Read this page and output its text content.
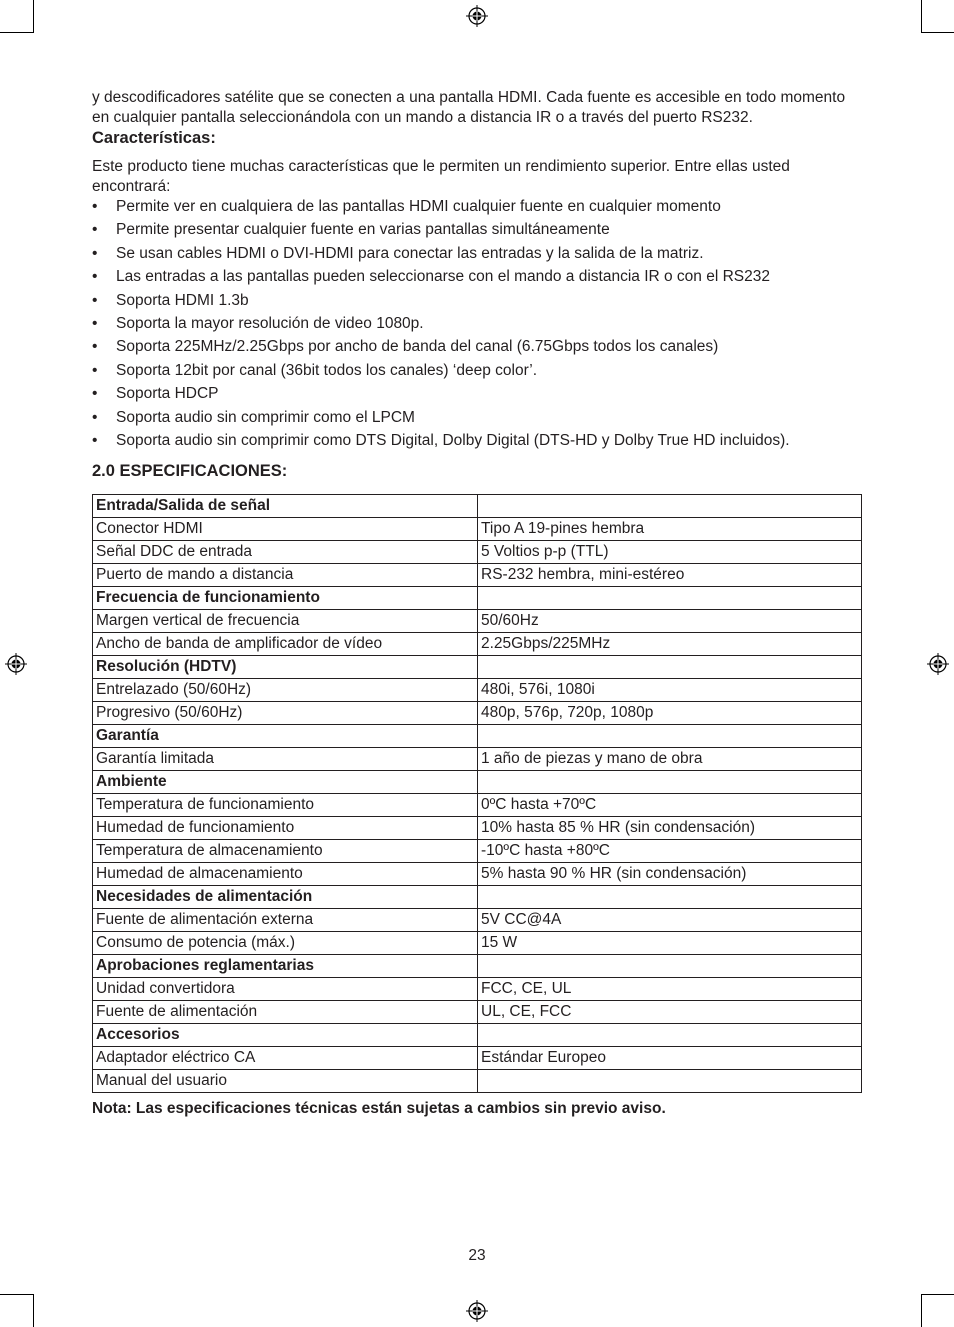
y descodificadores satélite que se conecten a una pantalla HDMI. Cada fuente es accesible en todo momento en cualquier pantalla seleccionándola con un mando a distancia IR o a través del puerto RS232.

Características:

Este producto tiene muchas características que le permiten un rendimiento superior. Entre ellas usted encontrará:

• Permite ver en cualquiera de las pantallas HDMI cualquier fuente en cualquier momento
• Permite presentar cualquier fuente en varias pantallas simultáneamente
• Se usan cables HDMI o DVI-HDMI para conectar las entradas y la salida de la matriz.
• Las entradas a las pantallas pueden seleccionarse con el mando a distancia IR o con el RS232
• Soporta HDMI 1.3b
• Soporta la mayor resolución de video 1080p.
• Soporta 225MHz/2.25Gbps por ancho de banda del canal (6.75Gbps todos los canales)
• Soporta 12bit por canal (36bit todos los canales) ‘deep color’.
• Soporta HDCP
• Soporta audio sin comprimir como el LPCM
• Soporta audio sin comprimir como DTS Digital, Dolby Digital (DTS-HD y Dolby True HD incluidos).
2.0 ESPECIFICACIONES:
Entrada/Salida de señal	
Conector HDMI	Tipo A 19-pines hembra
Señal DDC de entrada	5 Voltios p-p (TTL)
Puerto de mando a distancia	RS-232 hembra, mini-estéreo
Frecuencia de funcionamiento	
Margen vertical de frecuencia	50/60Hz
Ancho de banda de amplificador de vídeo	2.25Gbps/225MHz
Resolución (HDTV)	
Entrelazado (50/60Hz)	480i, 576i, 1080i
Progresivo (50/60Hz)	480p, 576p, 720p, 1080p
Garantía	
Garantía limitada	1 año de piezas y mano de obra
Ambiente	
Temperatura de funcionamiento	0ºC hasta +70ºC
Humedad de funcionamiento	10% hasta 85 % HR (sin condensación)
Temperatura de almacenamiento	-10ºC hasta +80ºC
Humedad de almacenamiento	5% hasta 90 % HR (sin condensación)
Necesidades de alimentación	
Fuente de alimentación externa	5V CC@4A
Consumo de potencia (máx.)	15 W
Aprobaciones reglamentarias	
Unidad convertidora	FCC, CE, UL
Fuente de alimentación	UL, CE, FCC
Accesorios	
Adaptador eléctrico CA	Estándar Europeo
Manual del usuario	
Nota: Las especificaciones técnicas están sujetas a cambios sin previo aviso.
23
